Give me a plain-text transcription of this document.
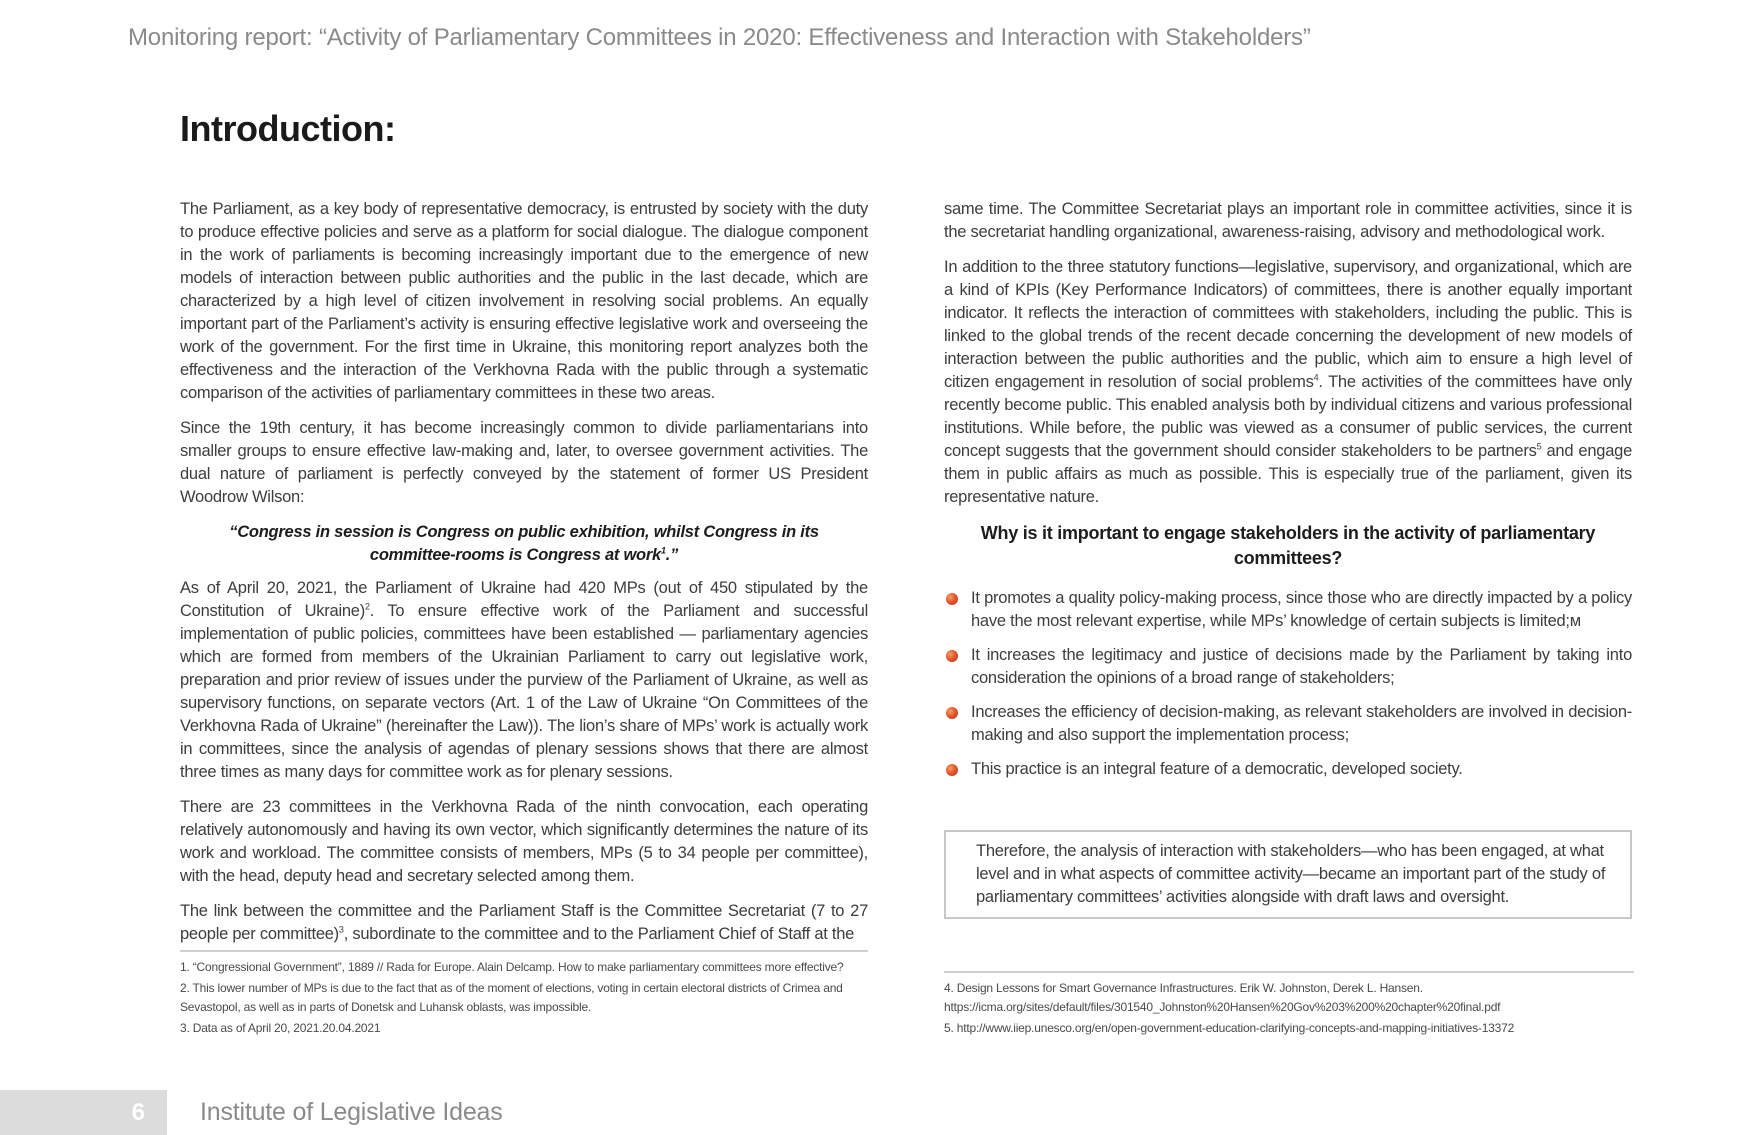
Monitoring report: “Activity of Parliamentary Committees in 2020: Effectiveness and Interaction with Stakeholders”
Introduction:

The Parliament, as a key body of representative democracy, is entrusted by society with the duty to produce effective policies and serve as a platform for social dialogue. The dialogue component in the work of parliaments is becoming increasingly important due to the emergence of new models of interaction between public authorities and the public in the last decade, which are characterized by a high level of citizen involvement in resolving social problems. An equally important part of the Parliament’s activity is ensuring effective legislative work and overseeing the work of the government. For the first time in Ukraine, this monitoring report analyzes both the effectiveness and the interaction of the Verkhovna Rada with the public through a systematic comparison of the activities of parliamentary committees in these two areas.

Since the 19th century, it has become increasingly common to divide parliamentarians into smaller groups to ensure effective law-making and, later, to oversee government activities. The dual nature of parliament is perfectly conveyed by the statement of former US President Woodrow Wilson:

“Congress in session is Congress on public exhibition, whilst Congress in its committee-rooms is Congress at work$^1$.”

As of April 20, 2021, the Parliament of Ukraine had 420 MPs (out of 450 stipulated by the Constitution of Ukraine)$^2$. To ensure effective work of the Parliament and successful implementation of public policies, committees have been established — parliamentary agencies which are formed from members of the Ukrainian Parliament to carry out legislative work, preparation and prior review of issues under the purview of the Parliament of Ukraine, as well as supervisory functions, on separate vectors (Art. 1 of the Law of Ukraine “On Committees of the Verkhovna Rada of Ukraine” (hereinafter the Law)). The lion’s share of MPs’ work is actually work in committees, since the analysis of agendas of plenary sessions shows that there are almost three times as many days for committee work as for plenary sessions.

There are 23 committees in the Verkhovna Rada of the ninth convocation, each operating relatively autonomously and having its own vector, which significantly determines the nature of its work and workload. The committee consists of members, MPs (5 to 34 people per committee), with the head, deputy head and secretary selected among them.

The link between the committee and the Parliament Staff is the Committee Secretariat (7 to 27 people per committee)$^3$, subordinate to the committee and to the Parliament Chief of Staff at the

same time. The Committee Secretariat plays an important role in committee activities, since it is the secretariat handling organizational, awareness-raising, advisory and methodological work.

In addition to the three statutory functions—legislative, supervisory, and organizational, which are a kind of KPIs (Key Performance Indicators) of committees, there is another equally important indicator. It reflects the interaction of committees with stakeholders, including the public. This is linked to the global trends of the recent decade concerning the development of new models of interaction between the public authorities and the public, which aim to ensure a high level of citizen engagement in resolution of social problems$^4$. The activities of the committees have only recently become public. This enabled analysis both by individual citizens and various professional institutions. While before, the public was viewed as a consumer of public services, the current concept suggests that the government should consider stakeholders to be partners$^5$ and engage them in public affairs as much as possible. This is especially true of the parliament, given its representative nature.

Why is it important to engage stakeholders in the activity of parliamentary committees?

It promotes a quality policy-making process, since those who are directly impacted by a policy have the most relevant expertise, while MPs’ knowledge of certain subjects is limited;м
It increases the legitimacy and justice of decisions made by the Parliament by taking into consideration the opinions of a broad range of stakeholders;
Increases the efficiency of decision-making, as relevant stakeholders are involved in decision-making and also support the implementation process;
This practice is an integral feature of a democratic, developed society.
Therefore, the analysis of interaction with stakeholders—who has been engaged, at what level and in what aspects of committee activity—became an important part of the study of parliamentary committees’ activities alongside with draft laws and oversight.

1. “Congressional Government”, 1889 // Rada for Europe. Alain Delcamp. How to make parliamentary committees more effective?

2. This lower number of MPs is due to the fact that as of the moment of elections, voting in certain electoral districts of Crimea and Sevastopol, as well as in parts of Donetsk and Luhansk oblasts, was impossible.

3. Data as of April 20, 2021.20.04.2021

4. Design Lessons for Smart Governance Infrastructures. Erik W. Johnston, Derek L. Hansen. https://icma.org/sites/default/files/301540_Johnston%20Hansen%20Gov%203%200%20chapter%20final.pdf

5. http://www.iiep.unesco.org/en/open-government-education-clarifying-concepts-and-mapping-initiatives-13372

6	Institute of Legislative Ideas
